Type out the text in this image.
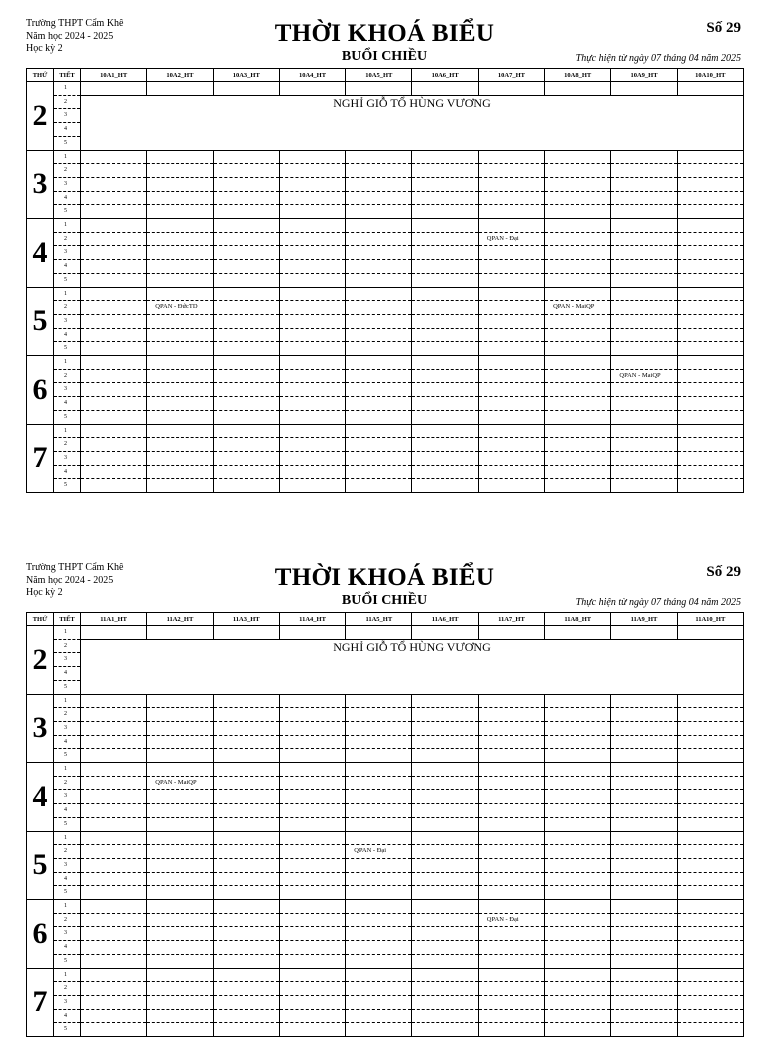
Trường THPT Cẩm Khê
Năm học 2024 - 2025
Học kỳ 2
THỜI KHOÁ BIỂU
BUỔI CHIỀU
Số 29
Thực hiện từ ngày 07 tháng 04 năm 2025
THỨ	TIẾT	10A1_HT	10A2_HT	10A3_HT	10A4_HT	10A5_HT	10A6_HT	10A7_HT	10A8_HT	10A9_HT	10A10_HT
2	1										
	2	NGHỈ GIỖ TỔ HÙNG VƯƠNG									
	3										
	4										
	5										
3	1										
	2										
	3										
	4										
	5										
4	1										
	2							QPAN - Đại			
	3										
	4										
	5										
5	1										
	2		QPAN - ĐứcTD						QPAN - MaiQP		
	3										
	4										
	5										
6	1										
	2									QPAN - MaiQP	
	3										
	4										
	5										
7	1										
	2										
	3										
	4										
	5										
Trường THPT Cẩm Khê
Năm học 2024 - 2025
Học kỳ 2
THỜI KHOÁ BIỂU
BUỔI CHIỀU
Số 29
Thực hiện từ ngày 07 tháng 04 năm 2025
THỨ	TIẾT	11A1_HT	11A2_HT	11A3_HT	11A4_HT	11A5_HT	11A6_HT	11A7_HT	11A8_HT	11A9_HT	11A10_HT
2	1										
	2	NGHỈ GIỖ TỔ HÙNG VƯƠNG									
	3										
	4										
	5										
3	1										
	2										
	3										
	4										
	5										
4	1										
	2		QPAN - MaiQP								
	3										
	4										
	5										
5	1										
	2					QPAN - Đại					
	3										
	4										
	5										
6	1										
	2							QPAN - Đại			
	3										
	4										
	5										
7	1										
	2										
	3										
	4										
	5										
